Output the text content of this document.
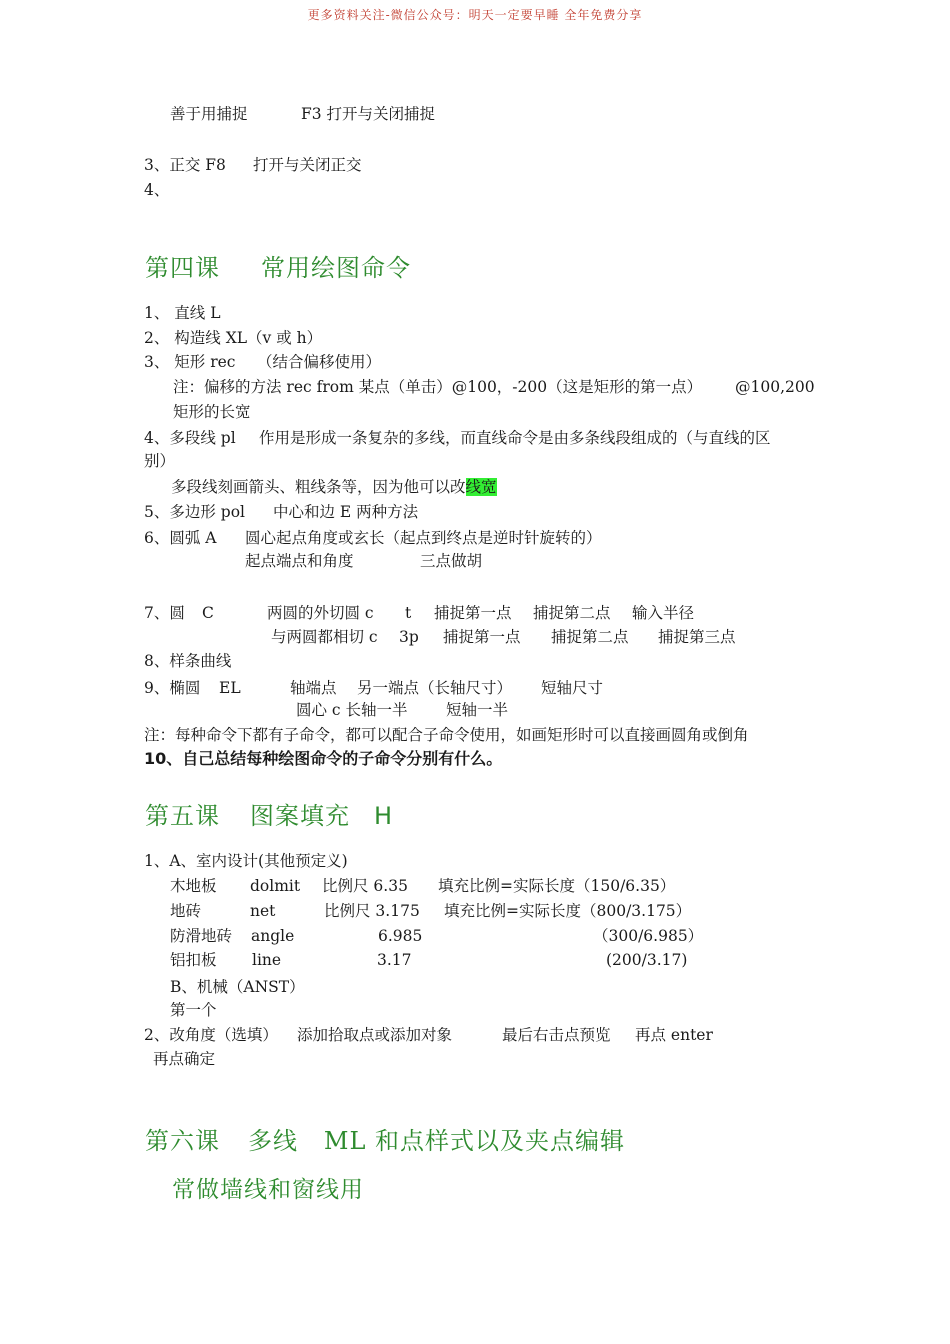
更多资料关注-微信公众号：明天一定要早睡 全年免费分享
善于用捕捉	F3 打开与关闭捕捉
3、正交 F8 打开与关闭正交
4、
第四课 常用绘图命令
1、 直线 L
2、 构造线 XL（v 或 h）
3、 矩形 rec （结合偏移使用）
注：偏移的方法 rec from 某点（单击）@100，-200（这是矩形的第一点） @100,200
矩形的长宽
4、多段线 pl 作用是形成一条复杂的多线，而直线命令是由多条线段组成的（与直线的区
别）
多段线刻画箭头、粗线条等，因为他可以改线宽
5、多边形 pol 中心和边 E 两种方法
6、圆弧 A 圆心起点角度或玄长（起点到终点是逆时针旋转的）
起点端点和角度	三点做胡
7、圆 C	两圆的外切圆 c t 捕捉第一点 捕捉第二点 输入半径
与两圆都相切 c 3p 捕捉第一点 捕捉第二点 捕捉第三点
8、样条曲线
9、椭圆 EL	轴端点 另一端点（长轴尺寸） 短轴尺寸
圆心 c 长轴一半 短轴一半
注：每种命令下都有子命令，都可以配合子命令使用，如画矩形时可以直接画圆角或倒角
10、自己总结每种绘图命令的子命令分别有什么。
第五课 图案填充 H
1、A、室内设计(其他预定义)
木地板 dolmit 比例尺 6.35 填充比例=实际长度（150/6.35）
地砖	net	比例尺 3.175 填充比例=实际长度（800/3.175）
防滑地砖 angle	6.985	（300/6.985）
铝扣板 line	3.17	(200/3.17)
B、机械（ANST）
第一个
2、改角度（选填） 添加拾取点或添加对象	最后右击点预览 再点 enter
再点确定
第六课 多线   ML 和点样式以及夹点编辑
常做墙线和窗线用
